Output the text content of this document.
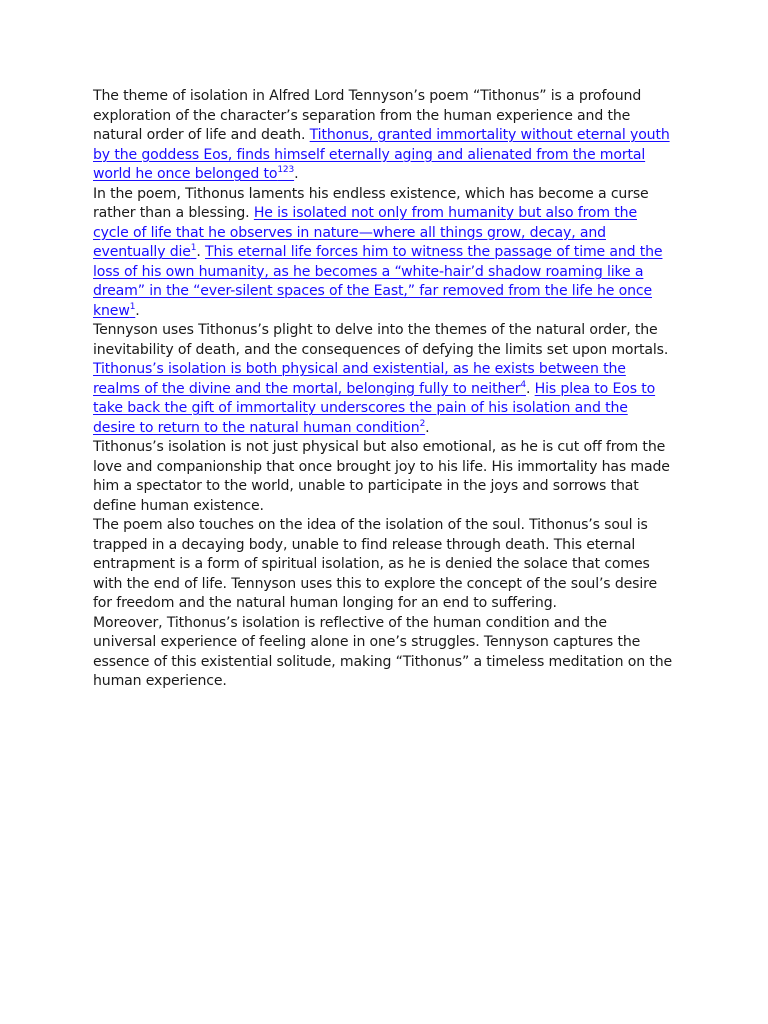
The theme of isolation in Alfred Lord Tennyson’s poem “Tithonus” is a profound exploration of the character’s separation from the human experience and the natural order of life and death. Tithonus, granted immortality without eternal youth by the goddess Eos, finds himself eternally aging and alienated from the mortal world he once belonged $to^{123}$.

In the poem, Tithonus laments his endless existence, which has become a curse rather than a blessing. He is isolated not only from humanity but also from the cycle of life that he observes in nature—where all things grow, decay, and eventually die$^1$. This eternal life forces him to witness the passage of time and the loss of his own humanity, as he becomes a “white-hair’d shadow roaming like a dream” in the “ever-silent spaces of the East,” far removed from the life he once knew$^1$.

Tennyson uses Tithonus’s plight to delve into the themes of the natural order, the inevitability of death, and the consequences of defying the limits set upon mortals. Tithonus’s isolation is both physical and existential, as he exists between the realms of the divine and the mortal, belonging fully to neither$^4$. His plea to Eos to take back the gift of immortality underscores the pain of his isolation and the desire to return to the natural human condition$^2$.

Tithonus’s isolation is not just physical but also emotional, as he is cut off from the love and companionship that once brought joy to his life. His immortality has made him a spectator to the world, unable to participate in the joys and sorrows that define human existence.

The poem also touches on the idea of the isolation of the soul. Tithonus’s soul is trapped in a decaying body, unable to find release through death. This eternal entrapment is a form of spiritual isolation, as he is denied the solace that comes with the end of life. Tennyson uses this to explore the concept of the soul’s desire for freedom and the natural human longing for an end to suffering.

Moreover, Tithonus’s isolation is reflective of the human condition and the universal experience of feeling alone in one’s struggles. Tennyson captures the essence of this existential solitude, making “Tithonus” a timeless meditation on the human experience.
